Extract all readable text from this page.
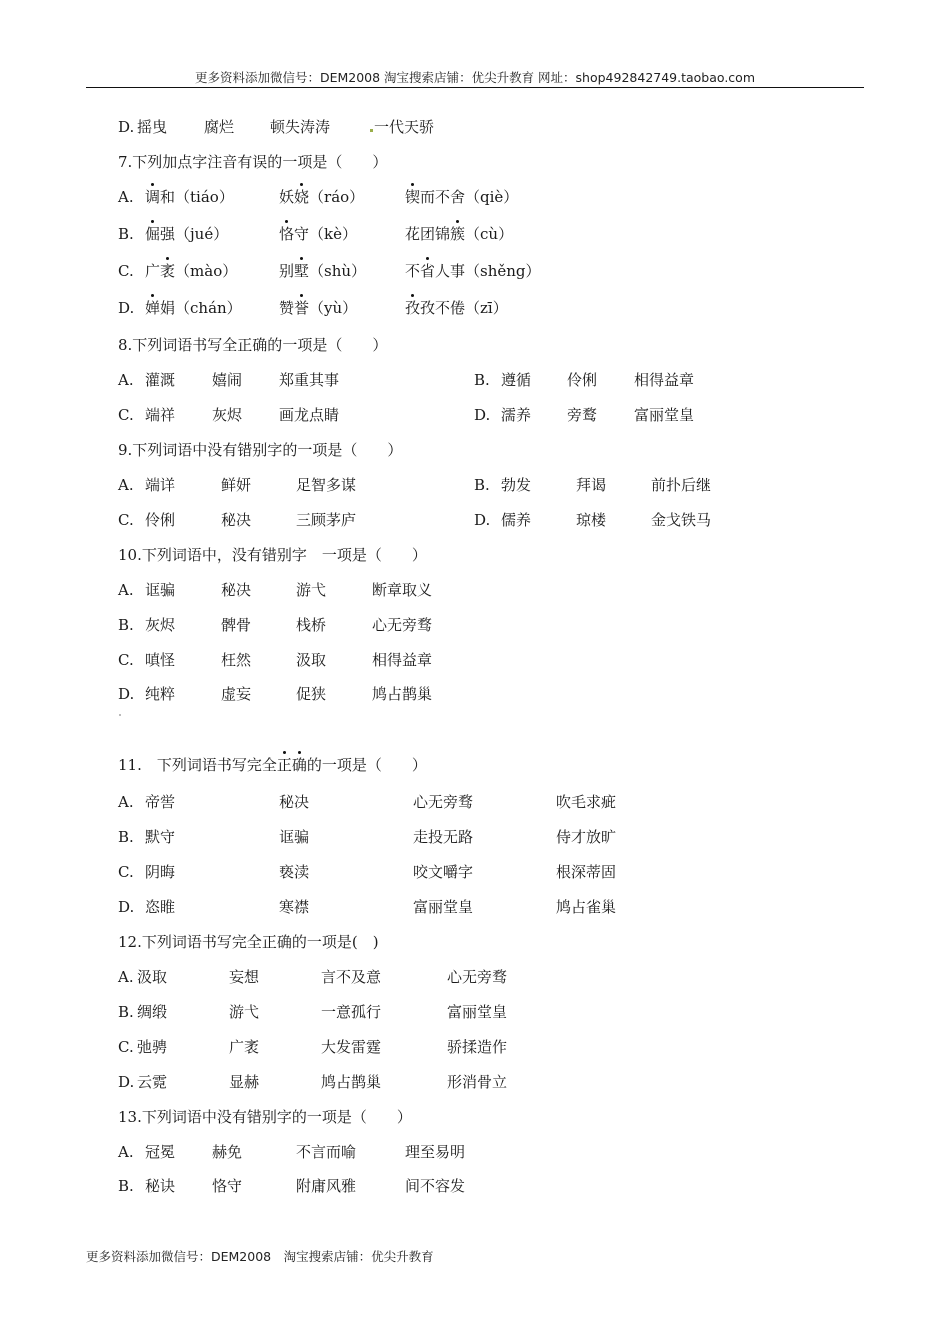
更多资料添加微信号：DEM2008 淘宝搜索店铺：优尖升教育 网址：shop492842749.taobao.com
D. 摇曳 腐烂 顿失涛涛	一代天骄
7.下列加点字注音有误的一项是（　　）
A. 调和（tiáo）	妖娆（ráo）	锲而不舍（qiè）
B. 倔强（jué）	恪守（kè）	花团锦簇（cù）
C. 广袤（mào）	别墅（shù）	不省人事（shěng）
D. 婵娟（chán） 赞誉（yù）	孜孜不倦（zī）
8.下列词语书写全正确的一项是（　　）
A. 灌溉 嬉闹 郑重其事	B. 遵循 伶俐 相得益章
C. 端祥 灰烬 画龙点睛	D. 濡养 旁鹜 富丽堂皇
9.下列词语中没有错别字的一项是（　　）
A. 端详	鲜妍	足智多谋	B. 勃发	拜谒	前扑后继
C. 伶俐	秘决	三顾茅庐	D. 儒养	琼楼	金戈铁马
10.下列词语中，没有错别字　一项是（　　）
A. 诓骗	秘决	游弋	断章取义
B. 灰烬	髀骨	栈桥	心无旁骛
C. 嗔怪	枉然	汲取	相得益章
D. 纯粹	虚妄	促狭	鸠占鹊巢
11.　下列词语书写完全正确的一项是（　　）
A. 帝喾	秘决	心无旁骛	吹毛求疵
B. 默守	诓骗	走投无路	侍才放旷
C. 阴晦	亵渎	咬文嚼字	根深蒂固
D. 恣睢	寒襟	富丽堂皇	鸠占雀巢
12.下列词语书写完全正确的一项是(　)
A. 汲取	妄想	言不及意	心无旁骛
B. 绸缎	游弋	一意孤行	富丽堂皇
C. 弛骋	广袤	大发雷霆	骄揉造作
D. 云霓	显赫	鸠占鹊巢	形消骨立
13.下列词语中没有错别字的一项是（　　）
A. 冠冕 赫免	不言而喻	理至易明
B. 秘诀 恪守	附庸风雅	间不容发
更多资料添加微信号：DEM2008　淘宝搜索店铺：优尖升教育
